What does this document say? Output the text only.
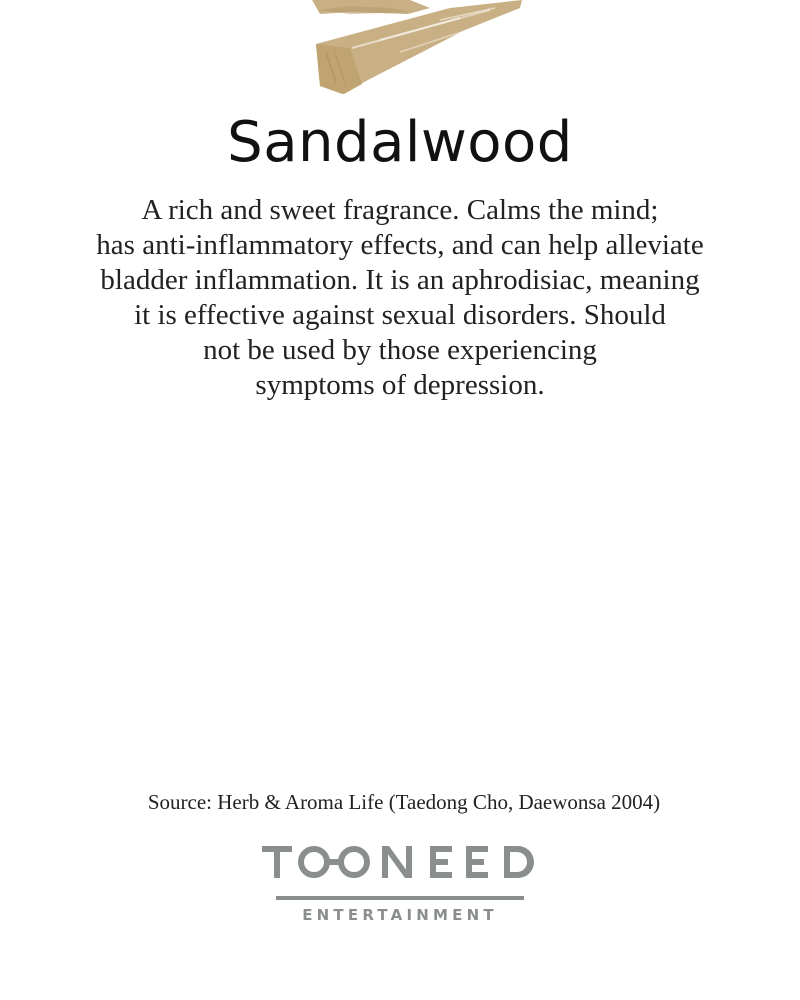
Sandalwood

A rich and sweet fragrance. Calms the mind;
has anti-inflammatory effects, and can help alleviate
bladder inflammation. It is an aphrodisiac, meaning
it is effective against sexual disorders. Should
not be used by those experiencing
symptoms of depression.

Source: Herb & Aroma Life (Taedong Cho, Daewonsa 2004)
ENTERTAINMENT
